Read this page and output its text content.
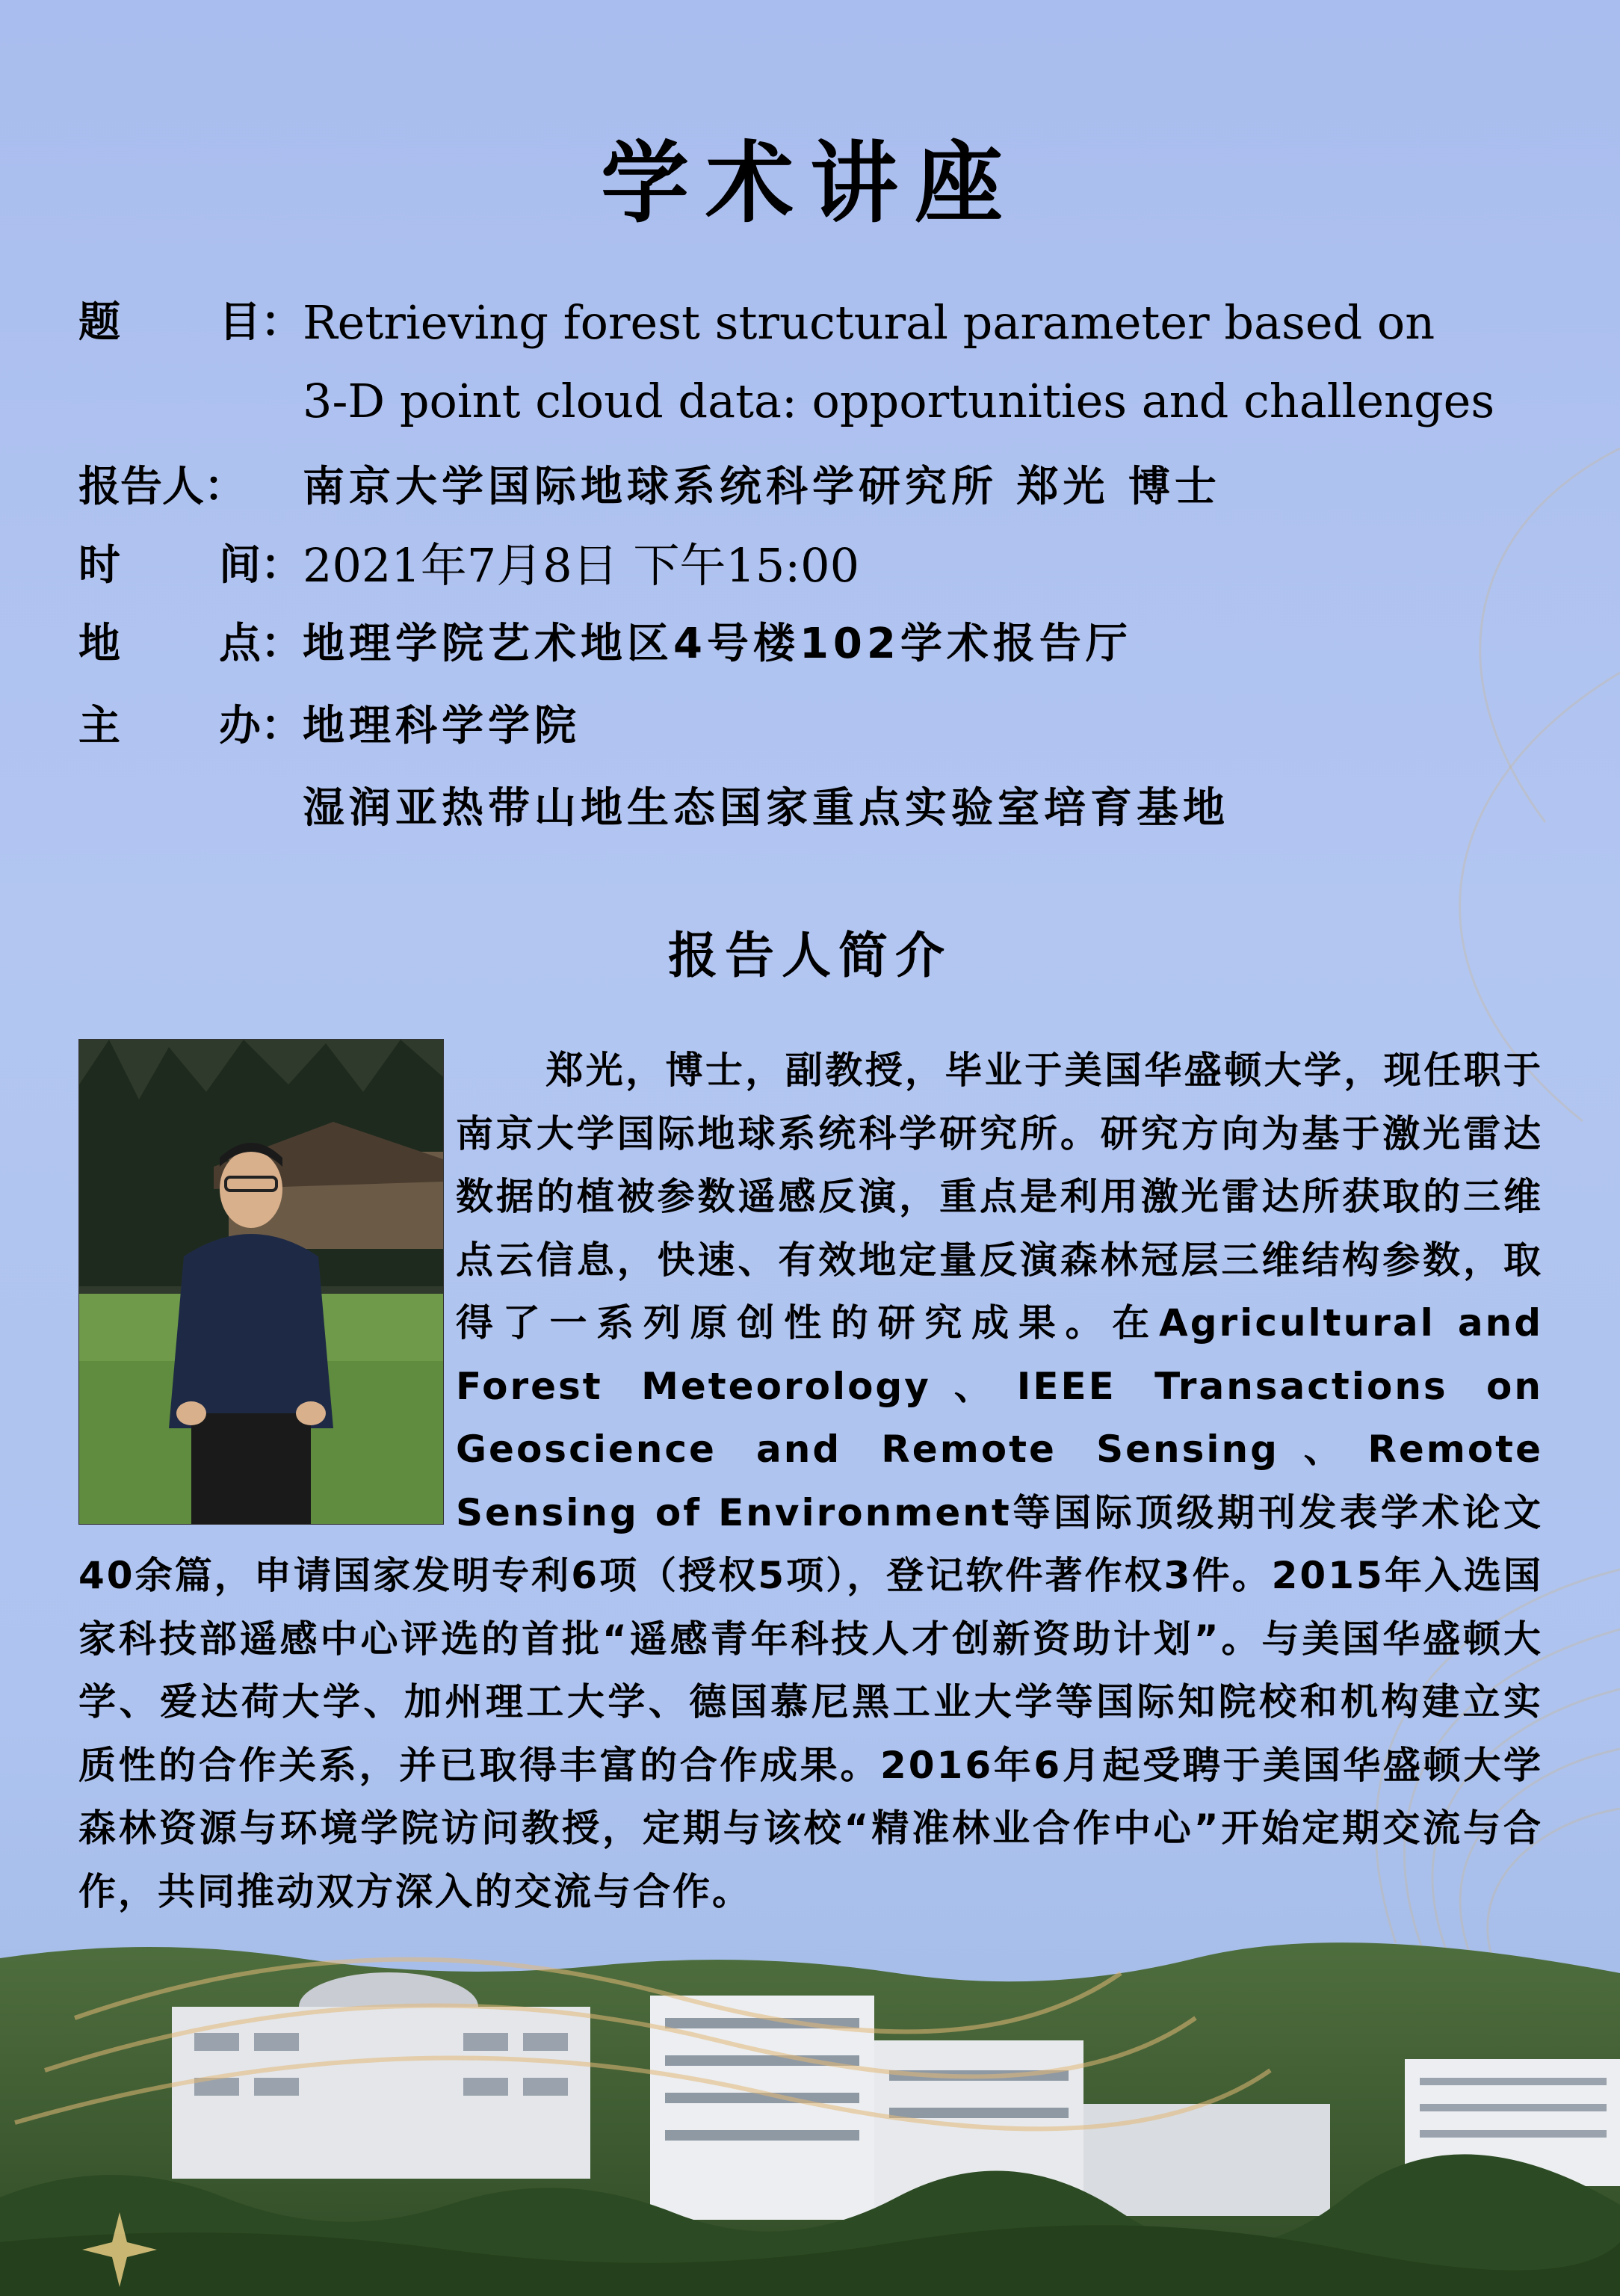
学术讲座
题 目： Retrieving forest structural parameter based on
3-D point cloud data: opportunities and challenges
报告人： 南京大学国际地球系统科学研究所 郑光 博士
时 间： 2021年7月8日 下午15:00
地 点： 地理学院艺术地区4号楼102学术报告厅
主 办： 地理科学学院
湿润亚热带山地生态国家重点实验室培育基地
报告人简介

郑光，博士，副教授，毕业于美国华盛顿大学，现任职于南京大学国际地球系统科学研究所。研究方向为基于激光雷达数据的植被参数遥感反演，重点是利用激光雷达所获取的三维点云信息，快速、有效地定量反演森林冠层三维结构参数，取得了一系列原创性的研究成果。在Agricultural and Forest Meteorology、IEEE Transactions on Geoscience and Remote Sensing、Remote Sensing of Environment等国际顶级期刊发表学术论文40余篇，申请国家发明专利6项（授权5项），登记软件著作权3件。2015年入选国家科技部遥感中心评选的首批“遥感青年科技人才创新资助计划”。与美国华盛顿大学、爱达荷大学、加州理工大学、德国慕尼黑工业大学等国际知院校和机构建立实质性的合作关系，并已取得丰富的合作成果。2016年6月起受聘于美国华盛顿大学森林资源与环境学院访问教授，定期与该校“精准林业合作中心”开始定期交流与合作，共同推动双方深入的交流与合作。
